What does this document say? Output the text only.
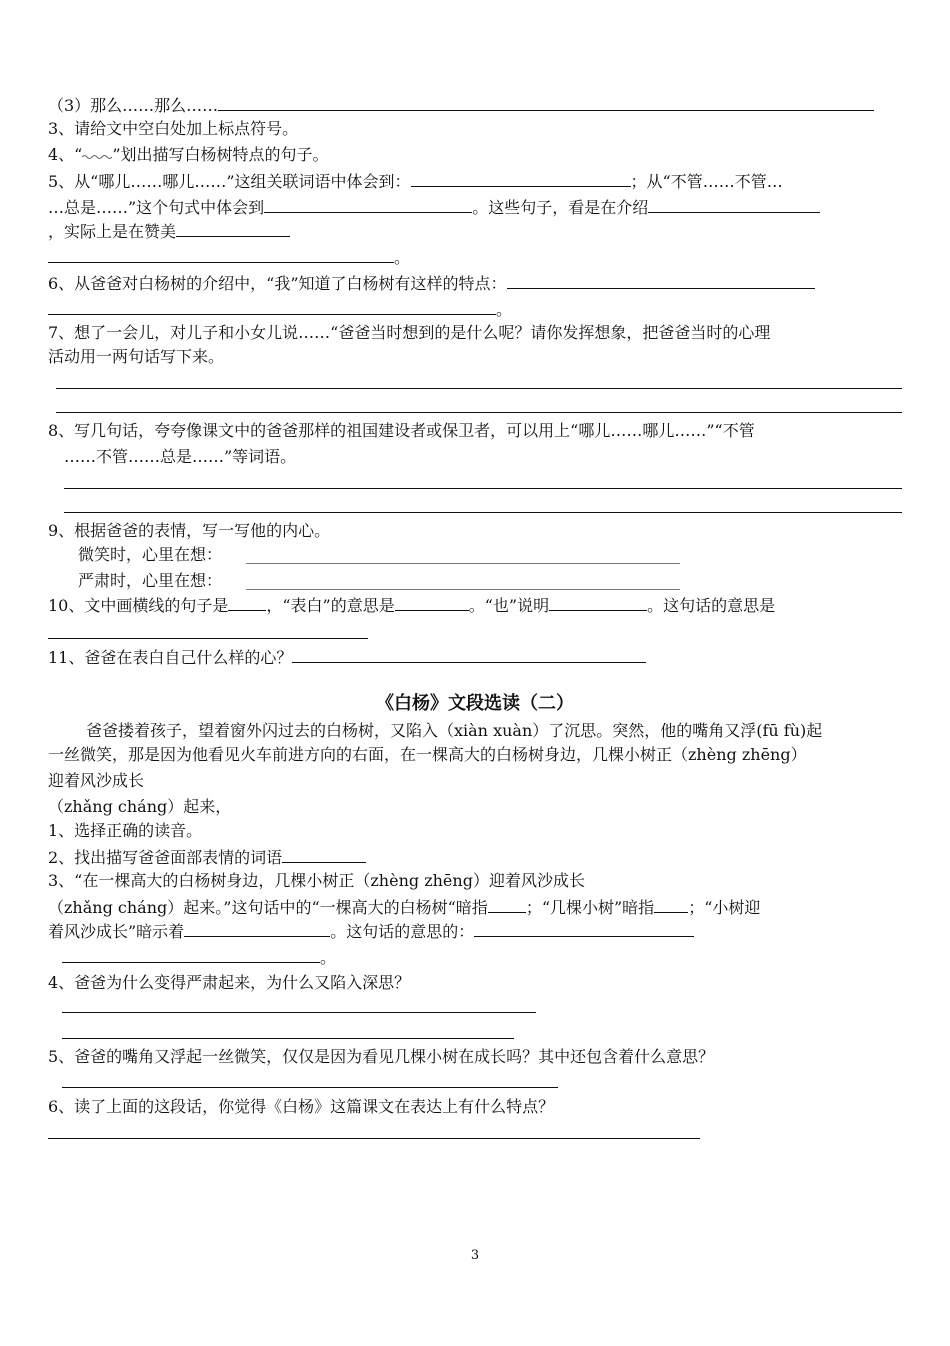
（3）那么……那么……
3、请给文中空白处加上标点符号。
4、“ ”划出描写白杨树特点的句子。
5、从“哪儿……哪儿……”这组关联词语中体会到：	；从“不管……不管…
…总是……”这个句式中体会到	。这些句子，看是在介绍
，实际上是在赞美
。
6、从爸爸对白杨树的介绍中，“我”知道了白杨树有这样的特点：
。
7、想了一会儿，对儿子和小女儿说……“爸爸当时想到的是什么呢？请你发挥想象，把爸爸当时的心理
活动用一两句话写下来。
8、写几句话，夸夸像课文中的爸爸那样的祖国建设者或保卫者，可以用上“哪儿……哪儿……”“不管
……不管……总是……”等词语。
9、根据爸爸的表情，写一写他的内心。
微笑时，心里在想：
严肃时，心里在想：
10、文中画横线的句子是 ，“表白”的意思是	。“也”说明	。这句话的意思是
11、爸爸在表白自己什么样的心？
《白杨》文段选读（二）
爸爸搂着孩子，望着窗外闪过去的白杨树，又陷入（xiàn xuàn）了沉思。突然，他的嘴角又浮(fū fù)起
一丝微笑，那是因为他看见火车前进方向的右面，在一棵高大的白杨树身边，几棵小树正（zhèng zhēng）
迎着风沙成长
（zhǎng cháng）起来，
1、选择正确的读音。
2、找出描写爸爸面部表情的词语
3、“在一棵高大的白杨树身边，几棵小树正（zhèng zhēng）迎着风沙成长
（zhǎng cháng）起来。”这句话中的“一棵高大的白杨树“暗指 ；“几棵小树”暗指 ；“小树迎
着风沙成长”暗示着	。这句话的意思的：
。
4、爸爸为什么变得严肃起来，为什么又陷入深思？
5、爸爸的嘴角又浮起一丝微笑，仅仅是因为看见几棵小树在成长吗？其中还包含着什么意思？
6、读了上面的这段话，你觉得《白杨》这篇课文在表达上有什么特点？
3
